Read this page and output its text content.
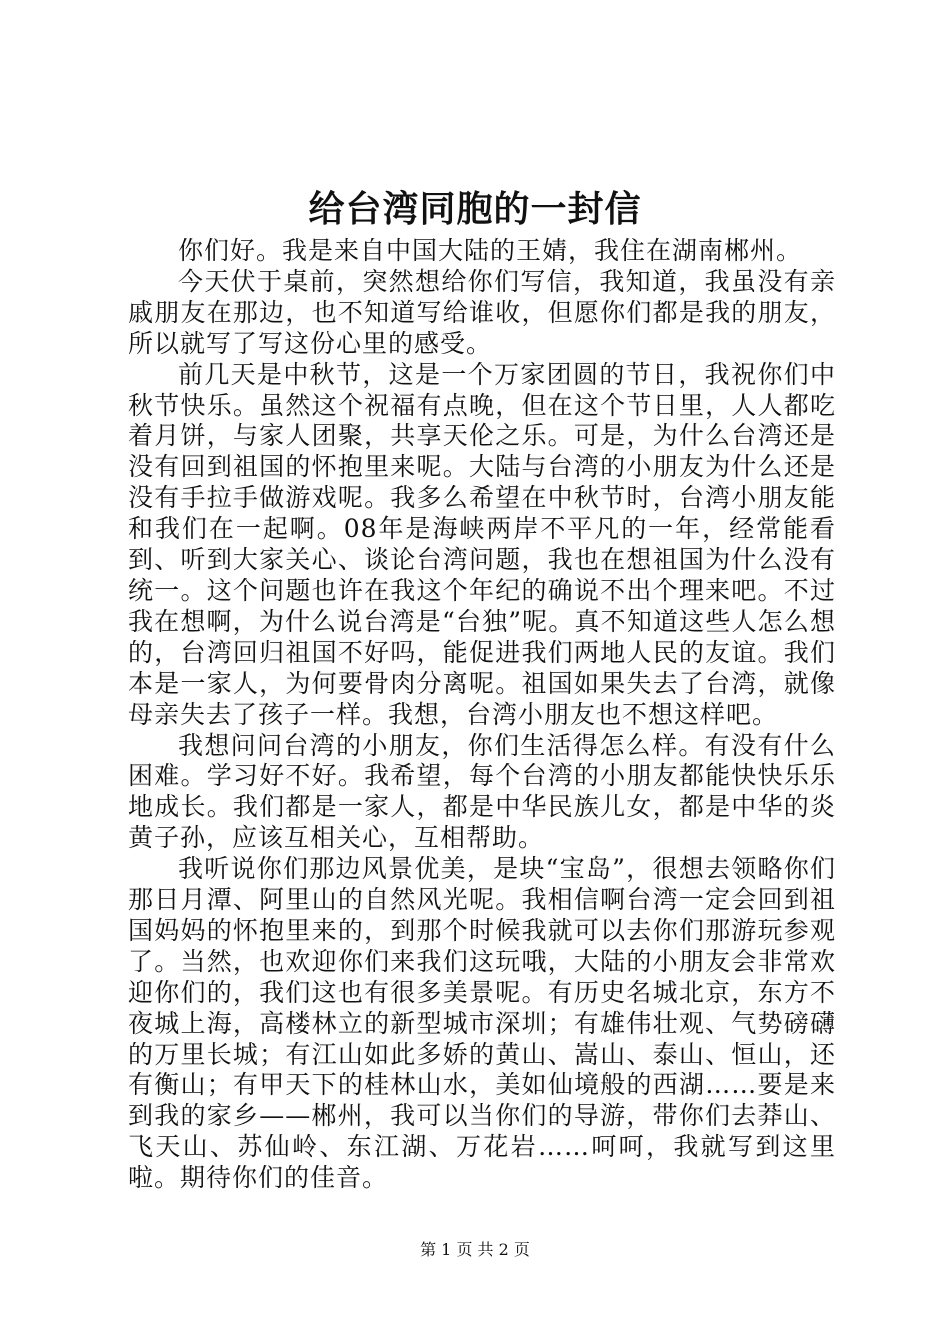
给台湾同胞的一封信

你们好。我是来自中国大陆的王婧，我住在湖南郴州。

今天伏于桌前，突然想给你们写信，我知道，我虽没有亲戚朋友在那边，也不知道写给谁收，但愿你们都是我的朋友，所以就写了写这份心里的感受。

前几天是中秋节，这是一个万家团圆的节日，我祝你们中秋节快乐。虽然这个祝福有点晚，但在这个节日里，人人都吃着月饼，与家人团聚，共享天伦之乐。可是，为什么台湾还是没有回到祖国的怀抱里来呢。大陆与台湾的小朋友为什么还是没有手拉手做游戏呢。我多么希望在中秋节时，台湾小朋友能和我们在一起啊。08年是海峡两岸不平凡的一年，经常能看到、听到大家关心、谈论台湾问题，我也在想祖国为什么没有统一。这个问题也许在我这个年纪的确说不出个理来吧。不过我在想啊，为什么说台湾是“台独”呢。真不知道这些人怎么想的，台湾回归祖国不好吗，能促进我们两地人民的友谊。我们本是一家人，为何要骨肉分离呢。祖国如果失去了台湾，就像母亲失去了孩子一样。我想，台湾小朋友也不想这样吧。

我想问问台湾的小朋友，你们生活得怎么样。有没有什么困难。学习好不好。我希望，每个台湾的小朋友都能快快乐乐地成长。我们都是一家人，都是中华民族儿女，都是中华的炎黄子孙，应该互相关心，互相帮助。

我听说你们那边风景优美，是块“宝岛”，很想去领略你们那日月潭、阿里山的自然风光呢。我相信啊台湾一定会回到祖国妈妈的怀抱里来的，到那个时候我就可以去你们那游玩参观了。当然，也欢迎你们来我们这玩哦，大陆的小朋友会非常欢迎你们的，我们这也有很多美景呢。有历史名城北京，东方不夜城上海，高楼林立的新型城市深圳；有雄伟壮观、气势磅礴的万里长城；有江山如此多娇的黄山、嵩山、泰山、恒山，还有衡山；有甲天下的桂林山水，美如仙境般的西湖……要是来到我的家乡——郴州，我可以当你们的导游，带你们去莽山、飞天山、苏仙岭、东江湖、万花岩……呵呵，我就写到这里啦。期待你们的佳音。

第 1 页 共 2 页
